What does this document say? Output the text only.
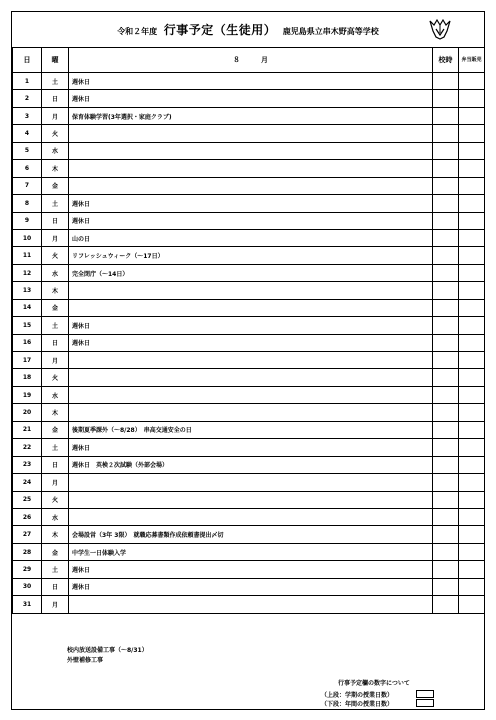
令和２年度 行事予定（生徒用） 鹿児島県立串木野高等学校
日	曜	８　　　月	校時	弁当販売
1	土	週休日		
2	日	週休日		
3	月	保育体験学習(3年選択・家庭クラブ)		
4	火			
5	水			
6	木			
7	金			
8	土	週休日		
9	日	週休日		
10	月	山の日		
11	火	リフレッシュウィーク（～17日）		
12	水	完全閉庁（～14日）		
13	木			
14	金			
15	土	週休日		
16	日	週休日		
17	月			
18	火			
19	水			
20	木			
21	金	後期夏季課外（～8/28）　串高交通安全の日		
22	土	週休日		
23	日	週休日　英検２次試験（外部会場）		
24	月			
25	火			
26	水			
27	木	会場設営（3年 3限）　就職応募書類作成依頼書提出〆切		
28	金	中学生一日体験入学		
29	土	週休日		
30	日	週休日		
31	月			
校内放送設備工事（～8/31）
外壁補修工事
行事予定欄の数字について
（上段：学期の授業日数）
（下段：年間の授業日数）
